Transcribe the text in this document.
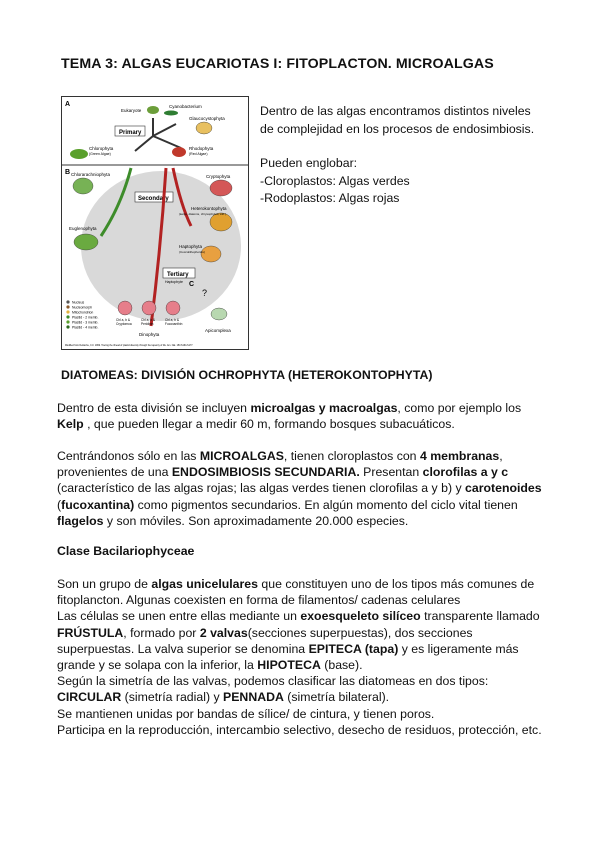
TEMA 3: ALGAS EUCARIOTAS I: FITOPLACTON. MICROALGAS
A
B
C
Eukaryote
Cyanobacterium
Primary
Glaucocystophyta
Chlorophyta
(Green Algae)
Rhodophyta
(Red Algae)
Chlorarachniophyta
Secondary
Cryptophyta
Euglenophyta
Heterokontophyta
(kelps, diatoms, chrysophytes, etc.)
Haptophyta
(Coccolithophorids)
Tertiary
Haptophyte
Chl a, b &
Cryptomoa
Chl a, b &
Peridinin
Chl a, b &
Fucoxanthin
Dinophyta
?
Apicomplexa
Nucleus
Nucleomorph
Mitochondrion
Plastid - 2 memb.
Plastid - 3 memb.
Plastid - 4 memb.
Modified from Delwiche, C.F. 1999. Tracing the thread of plastid diversity through the tapestry of life. Am. Nat. 154:S164-S177.

Dentro de las algas encontramos distintos niveles

de complejidad en los procesos de endosimbiosis.

Pueden englobar:

-Cloroplastos: Algas verdes

-Rodoplastos: Algas rojas

DIATOMEAS: DIVISIÓN OCHROPHYTA (HETEROKONTOPHYTA)

Dentro de esta división se incluyen microalgas y macroalgas, como por ejemplo los

Kelp , que pueden llegar a medir 60 m, formando bosques subacuáticos.

Centrándonos sólo en las MICROALGAS, tienen cloroplastos con 4 membranas,

provenientes de una ENDOSIMBIOSIS SECUNDARIA. Presentan clorofilas a y c

(característico de las algas rojas; las algas verdes tienen clorofilas a y b) y carotenoides

(fucoxantina) como pigmentos secundarios. En algún momento del ciclo vital tienen

flagelos y son móviles. Son aproximadamente 20.000 especies.

Clase Bacilariophyceae

Son un grupo de algas unicelulares que constituyen uno de los tipos más comunes de

fitoplancton. Algunas coexisten en forma de filamentos/ cadenas celulares

Las células se unen entre ellas mediante un exoesqueleto silíceo transparente llamado

FRÚSTULA, formado por 2 valvas(secciones superpuestas), dos secciones

superpuestas. La valva superior se denomina EPITECA (tapa) y es ligeramente más

grande y se solapa con la inferior, la HIPOTECA (base).

Según la simetría de las valvas, podemos clasificar las diatomeas en dos tipos:

CIRCULAR (simetría radial) y PENNADA (simetría bilateral).

Se mantienen unidas por bandas de sílice/ de cintura, y tienen poros.

Participa en la reproducción, intercambio selectivo, desecho de residuos, protección, etc.
